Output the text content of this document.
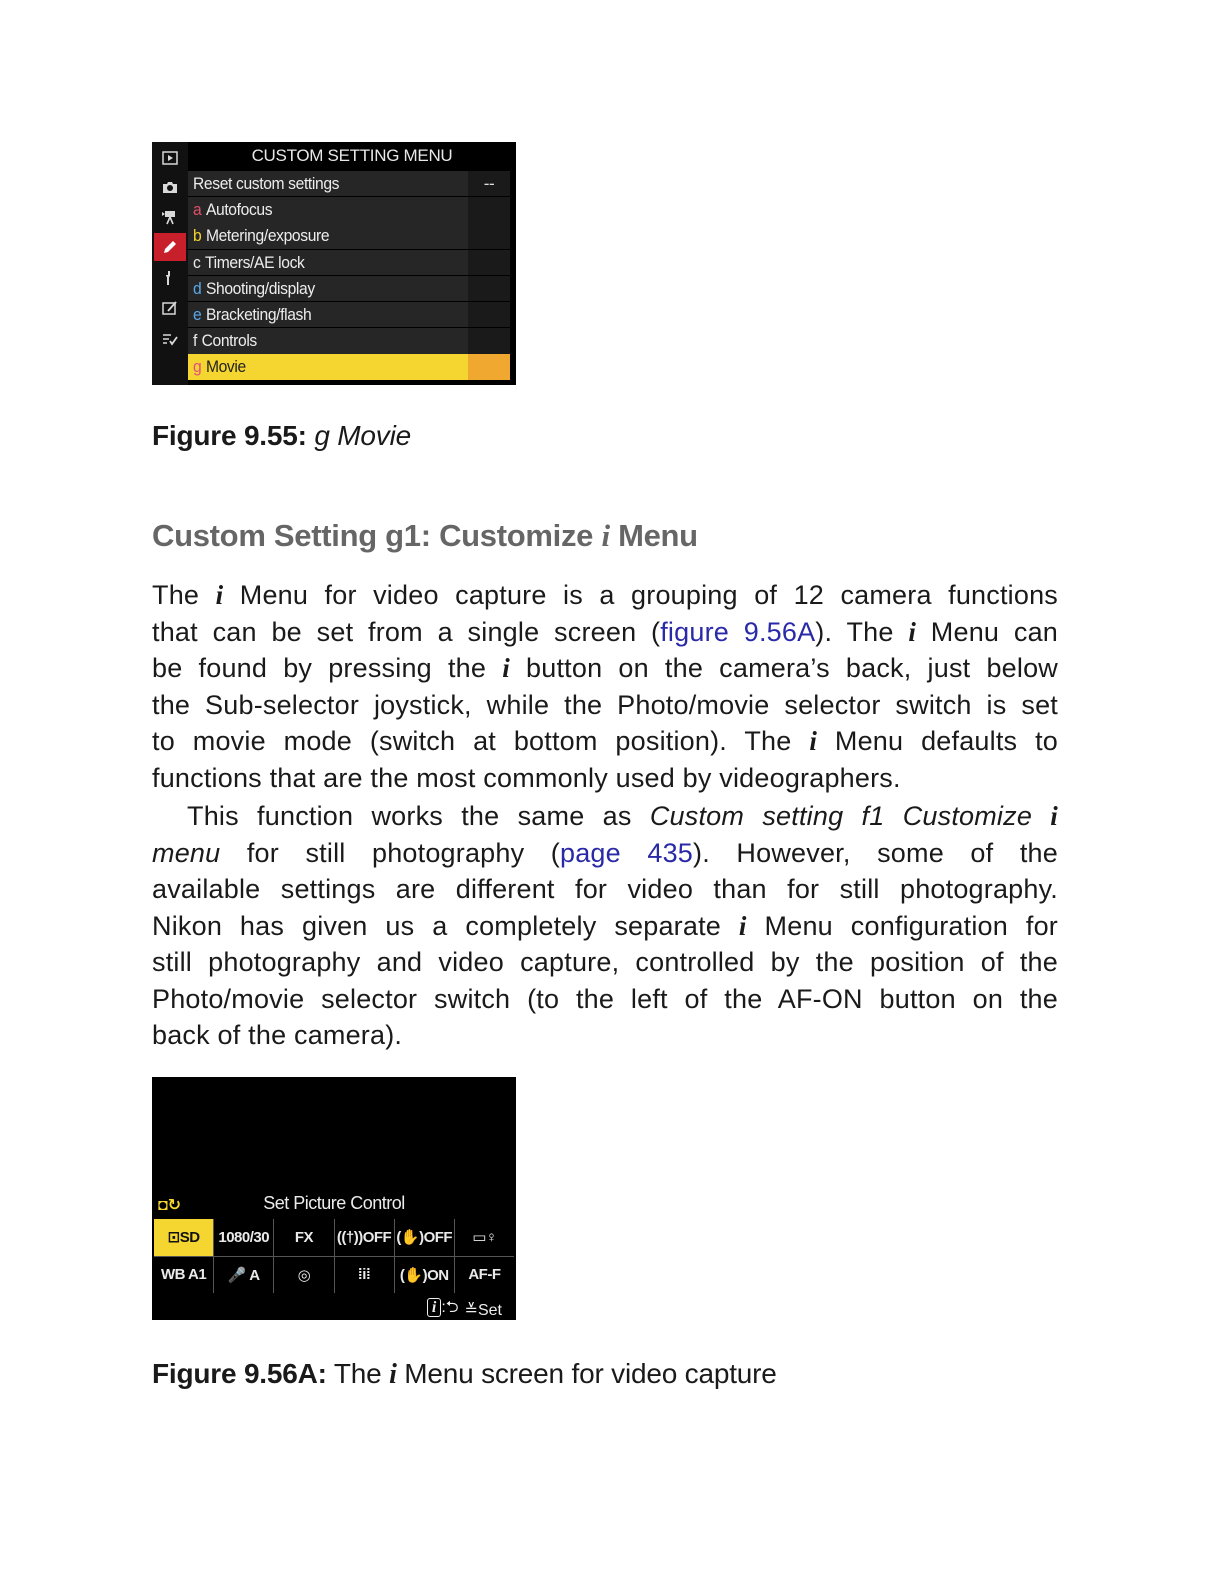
CUSTOM SETTING MENU
Reset custom settings	--
a Autofocus
b Metering/exposure
c Timers/AE lock
d Shooting/display
e Bracketing/flash
f Controls
g Movie
Figure 9.55: g Movie
Custom Setting g1: Customize i Menu
The i Menu for video capture is a grouping of 12 camera functions
that can be set from a single screen (figure 9.56A). The i Menu can
be found by pressing the i button on the camera’s back, just below
the Sub-selector joystick, while the Photo/movie selector switch is set
to movie mode (switch at bottom position). The i Menu defaults to
functions that are the most commonly used by videographers.
This function works the same as Custom setting f1 Customize i
menu for still photography (page 435). However, some of the
available settings are different for video than for still photography.
Nikon has given us a completely separate i Menu configuration for
still photography and video capture, controlled by the position of the
Photo/movie selector switch (to the left of the AF-ON button on the
back of the camera).
◘↻	Set Picture Control
⊡SD	1080/30	FX	((†))OFF (✋)OFF	▭♀
WB A1	🎤 A	◎	⁞i⁞	(✋)ON	AF-F
i :⮌ ≚Set
Figure 9.56A: The i Menu screen for video capture
